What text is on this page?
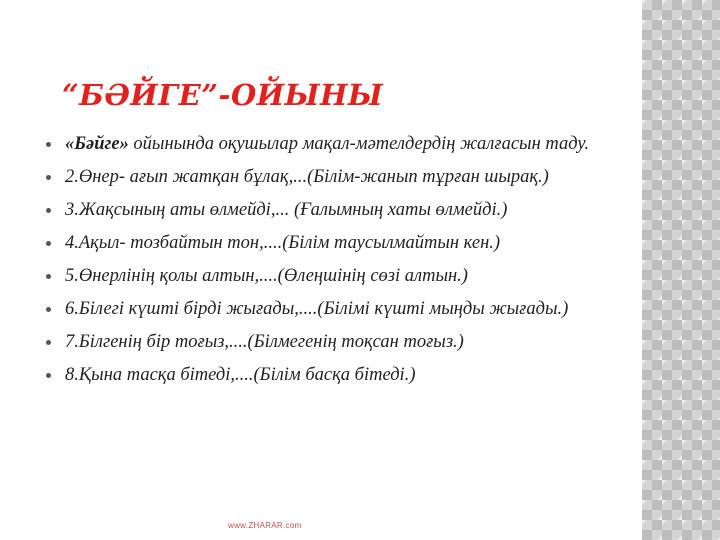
“БӘЙГЕ”-ОЙЫНЫ
«Бәйге» ойынында оқушылар мақал-мәтелдердің жалғасын таду.
2.Өнер- ағып жатқан бұлақ,...(Білім-жанып тұрған шырақ.)
3.Жақсының аты өлмейді,... (Ғалымның хаты өлмейді.)
4.Ақыл- тозбайтын тон,....(Білім таусылмайтын кен.)
5.Өнерлінің қолы алтын,....(Өлеңшінің сөзі алтын.)
6.Білегі күшті бірді жығады,....(Білімі күшті мыңды жығады.)
7.Білгенің бір тоғыз,....(Білмегенің тоқсан тоғыз.)
8.Қына тасқа бітеді,....(Білім басқа бітеді.)
www.ZHARAR.com
